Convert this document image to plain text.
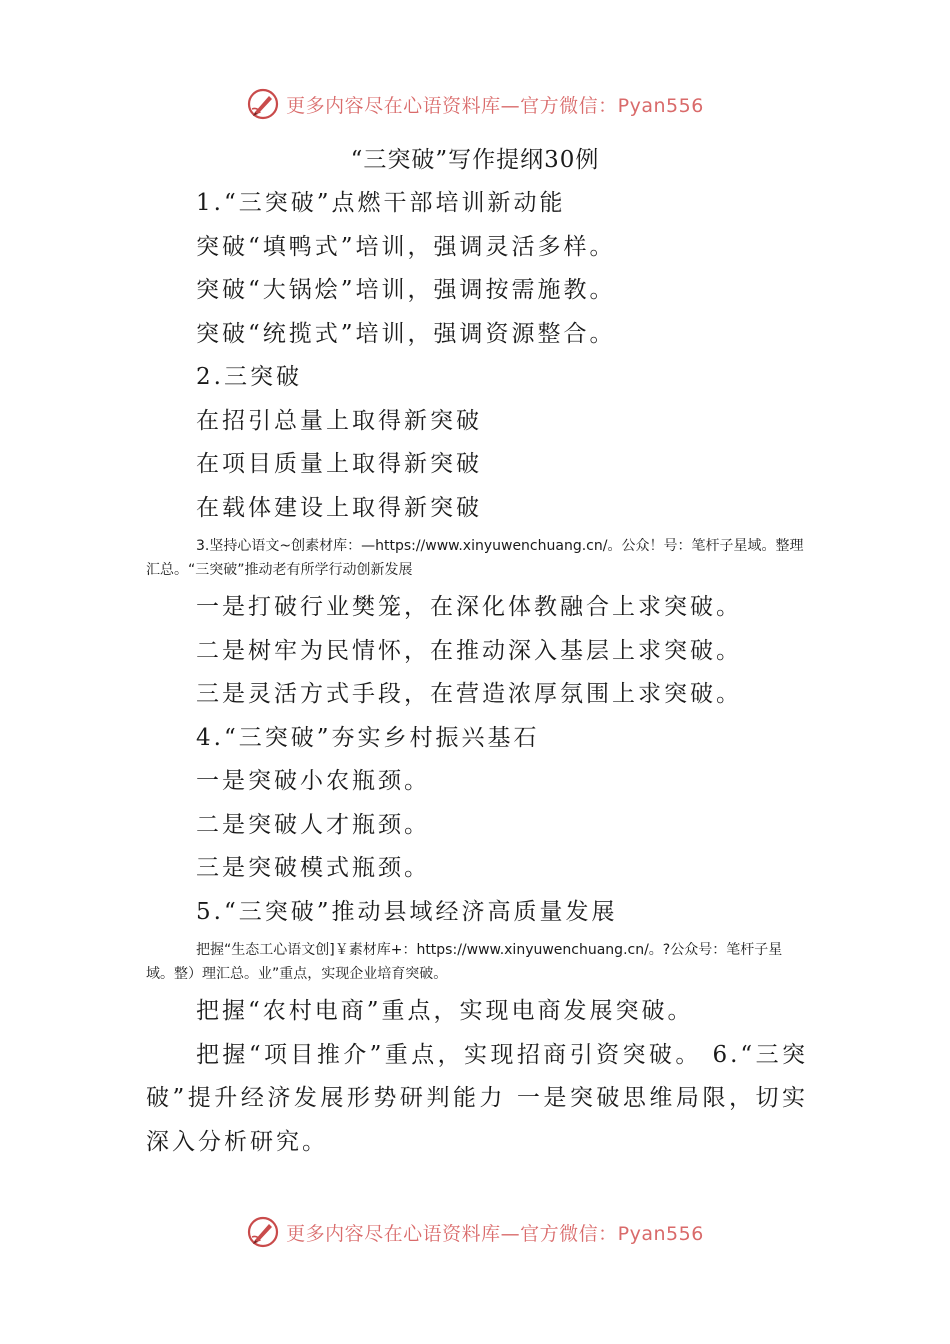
更多内容尽在心语资料库—官方微信：Pyan556
“三突破”写作提纲30例
1.“三突破”点燃干部培训新动能
突破“填鸭式”培训，强调灵活多样。
突破“大锅烩”培训，强调按需施教。
突破“统揽式”培训，强调资源整合。
2.三突破
在招引总量上取得新突破
在项目质量上取得新突破
在载体建设上取得新突破
3.坚持心语文~创素材库：—https://www.xinyuwenchuang.cn/。公众！号：笔杆子星域。整理汇总。“三突破”推动老有所学行动创新发展
一是打破行业樊笼，在深化体教融合上求突破。
二是树牢为民情怀，在推动深入基层上求突破。
三是灵活方式手段，在营造浓厚氛围上求突破。
4.“三突破”夯实乡村振兴基石
一是突破小农瓶颈。
二是突破人才瓶颈。
三是突破模式瓶颈。
5.“三突破”推动县域经济高质量发展
把握“生态工心语文创]￥素材库+：https://www.xinyuwenchuang.cn/。?公众号：笔杆子星域。整）理汇总。业”重点，实现企业培育突破。
把握“农村电商”重点，实现电商发展突破。
把握“项目推介”重点，实现招商引资突破。 6.“三突破”提升经济发展形势研判能力 一是突破思维局限，切实深入分析研究。
更多内容尽在心语资料库—官方微信：Pyan556
